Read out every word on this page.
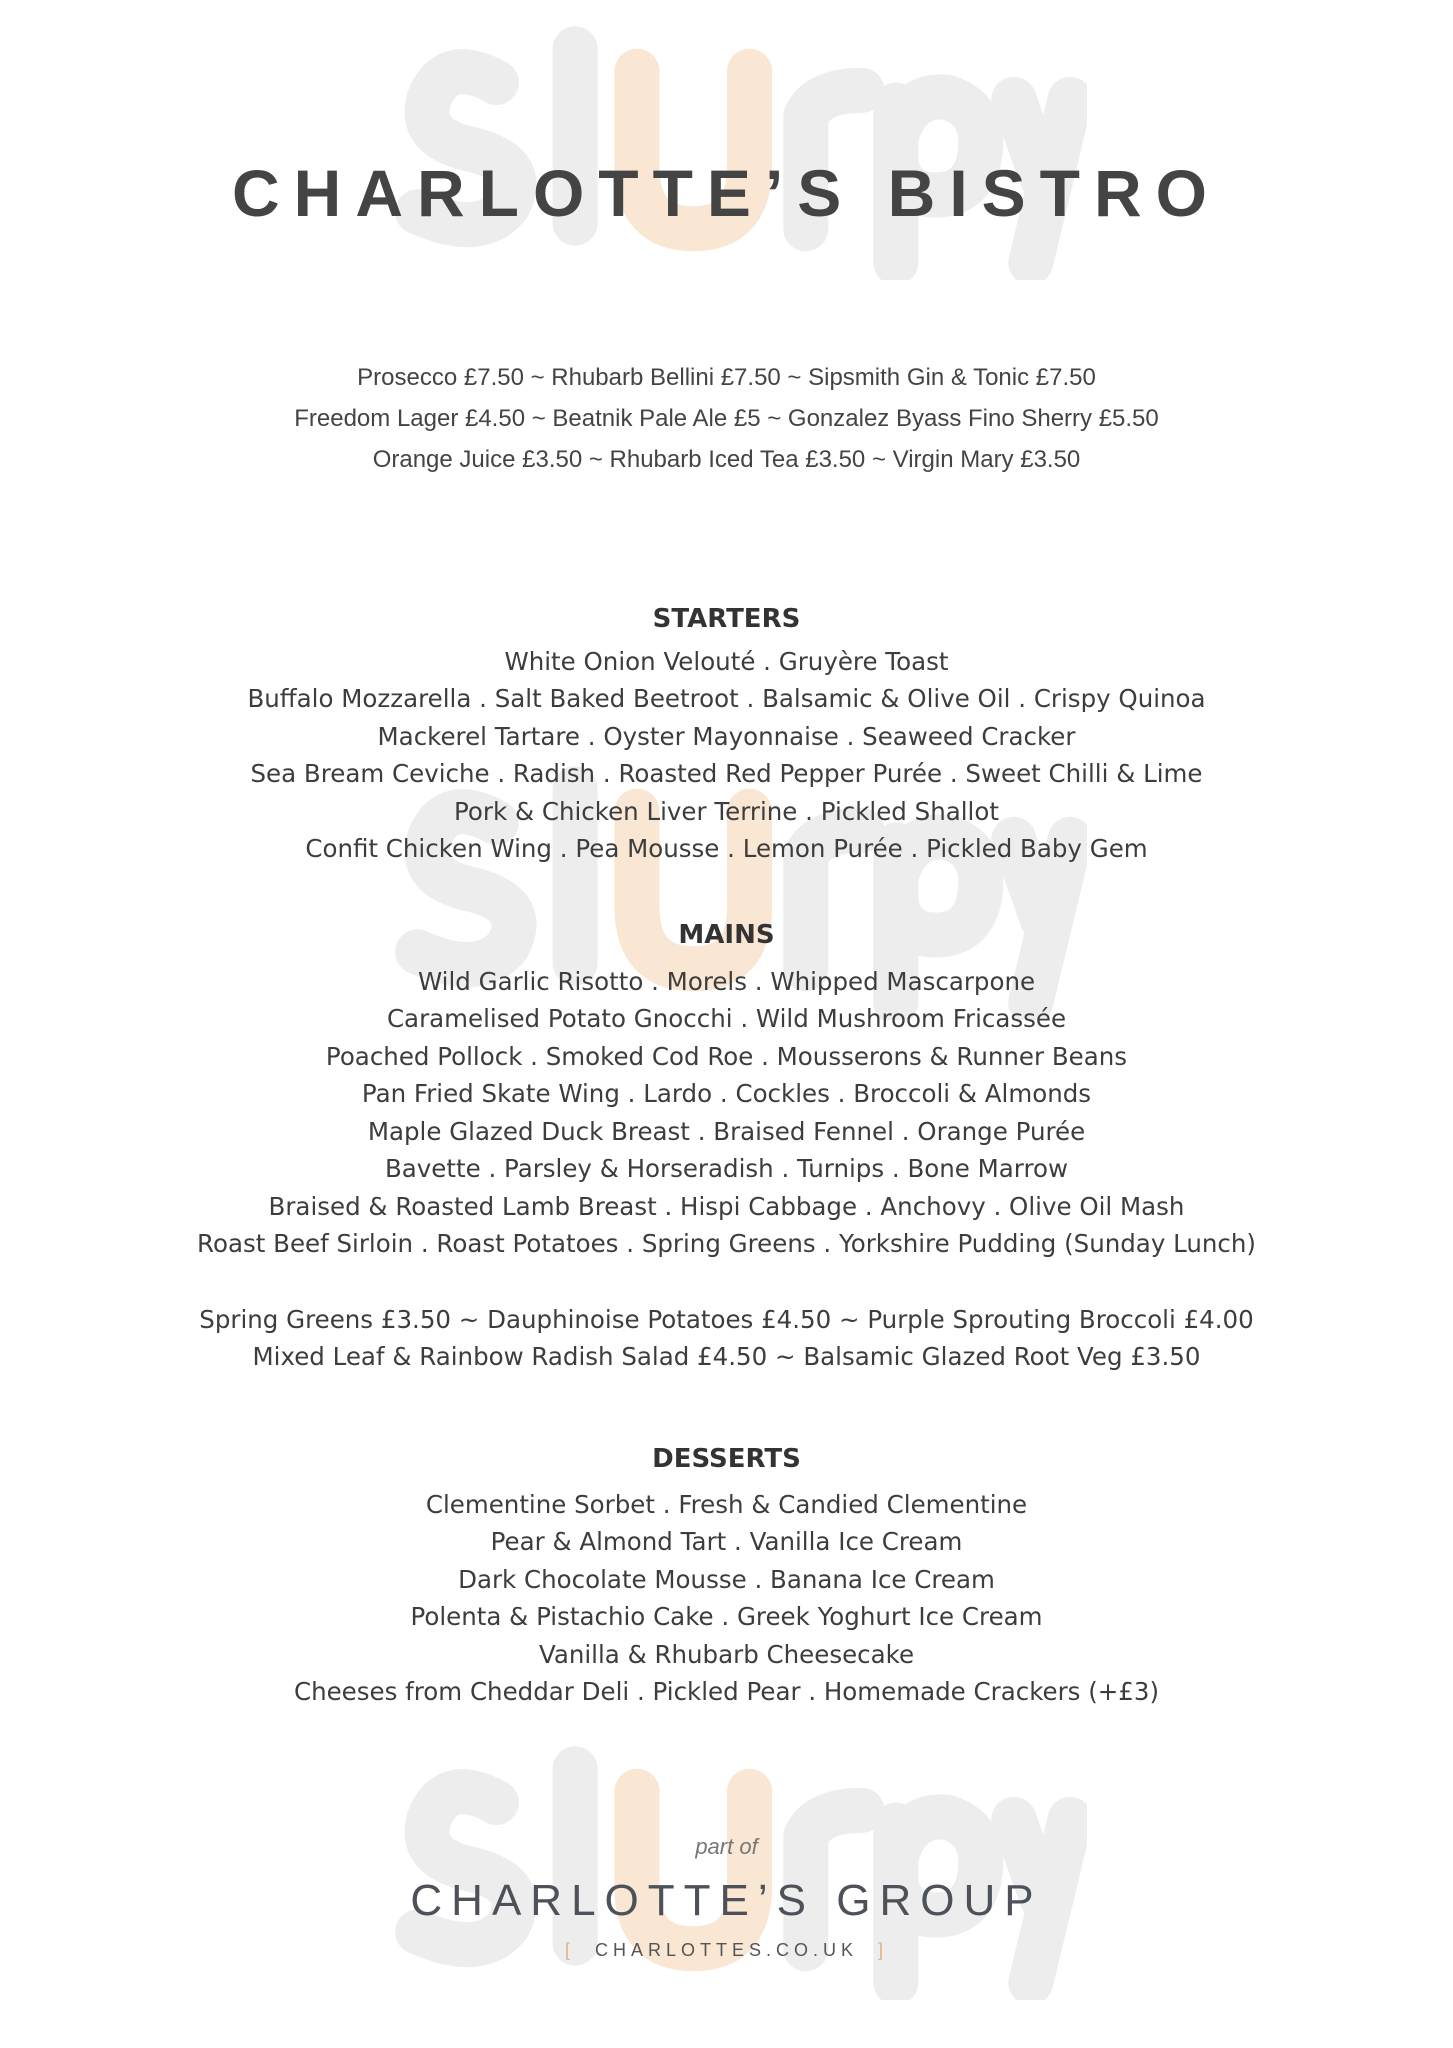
CHARLOTTE’S BISTRO
Prosecco £7.50 ~ Rhubarb Bellini £7.50 ~ Sipsmith Gin & Tonic £7.50
Freedom Lager £4.50 ~ Beatnik Pale Ale £5 ~ Gonzalez Byass Fino Sherry £5.50
Orange Juice £3.50 ~ Rhubarb Iced Tea £3.50 ~ Virgin Mary £3.50
STARTERS
White Onion Velouté . Gruyère Toast
Buffalo Mozzarella . Salt Baked Beetroot . Balsamic & Olive Oil . Crispy Quinoa
Mackerel Tartare . Oyster Mayonnaise . Seaweed Cracker
Sea Bream Ceviche . Radish . Roasted Red Pepper Purée . Sweet Chilli & Lime
Pork & Chicken Liver Terrine . Pickled Shallot
Confit Chicken Wing . Pea Mousse . Lemon Purée . Pickled Baby Gem
MAINS
Wild Garlic Risotto . Morels . Whipped Mascarpone
Caramelised Potato Gnocchi . Wild Mushroom Fricassée
Poached Pollock . Smoked Cod Roe . Mousserons & Runner Beans
Pan Fried Skate Wing . Lardo . Cockles . Broccoli & Almonds
Maple Glazed Duck Breast . Braised Fennel . Orange Purée
Bavette . Parsley & Horseradish . Turnips . Bone Marrow
Braised & Roasted Lamb Breast . Hispi Cabbage . Anchovy . Olive Oil Mash
Roast Beef Sirloin . Roast Potatoes . Spring Greens . Yorkshire Pudding (Sunday Lunch)
Spring Greens £3.50 ~ Dauphinoise Potatoes £4.50 ~ Purple Sprouting Broccoli £4.00
Mixed Leaf & Rainbow Radish Salad £4.50 ~ Balsamic Glazed Root Veg £3.50
DESSERTS
Clementine Sorbet . Fresh & Candied Clementine
Pear & Almond Tart . Vanilla Ice Cream
Dark Chocolate Mousse . Banana Ice Cream
Polenta & Pistachio Cake . Greek Yoghurt Ice Cream
Vanilla & Rhubarb Cheesecake
Cheeses from Cheddar Deli . Pickled Pear . Homemade Crackers (+£3)
part of
CHARLOTTE’S GROUP
[ CHARLOTTES.CO.UK ]
